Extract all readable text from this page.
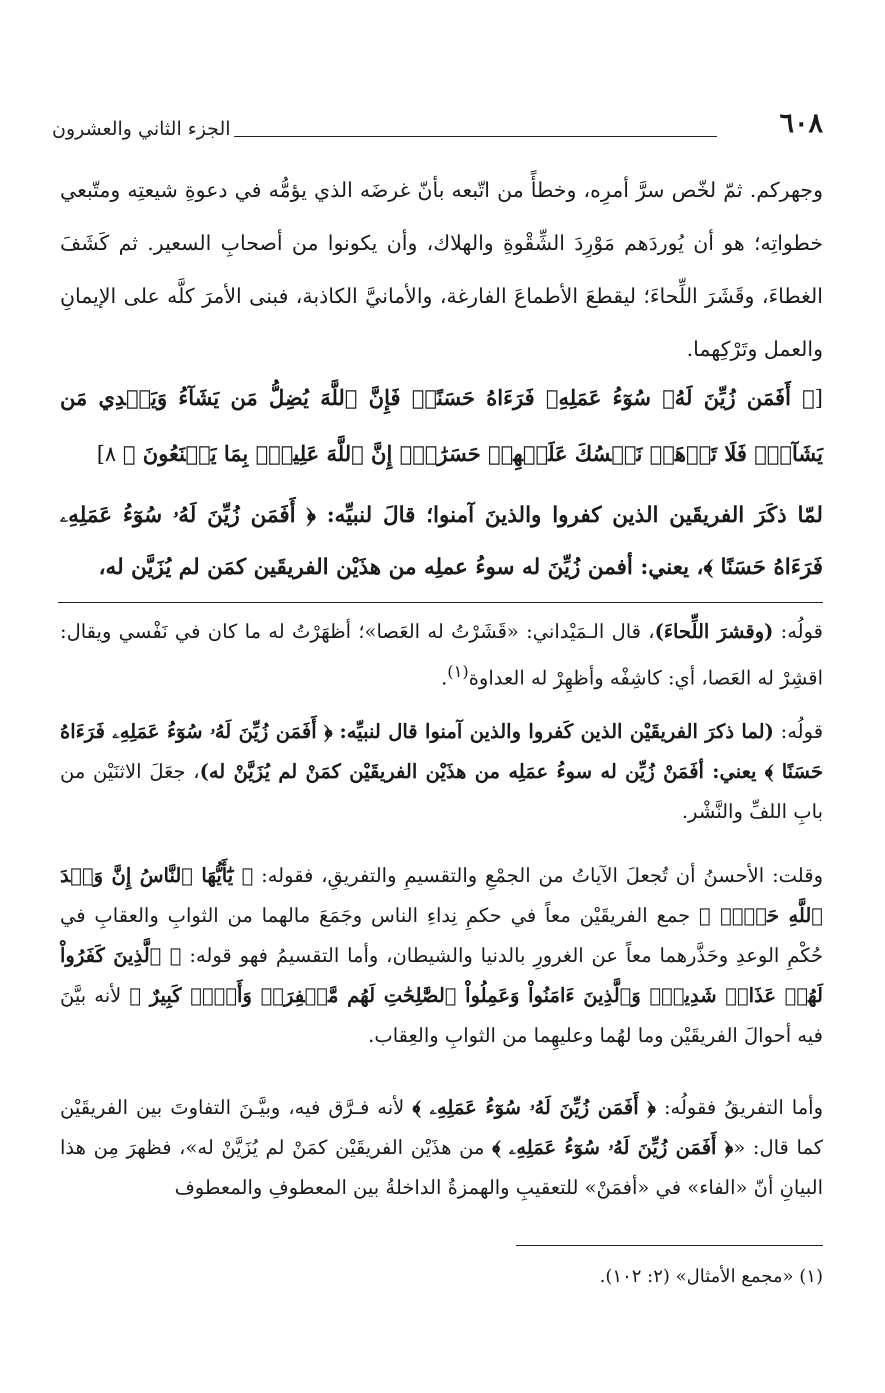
الجزء الثاني والعشرون	٦٠٨

وجهركم. ثمّ لخّص سرَّ أمرِه، وخطأً من اتّبعه بأنّ غرضَه الذي يؤمُّه في دعوةِ شيعتِه ومتّبعي خطواتِه؛ هو أن يُوردَهم مَوْرِدَ الشِّقْوةِ والهلاك، وأن يكونوا من أصحابِ السعير. ثم كَشَفَ الغطاءَ، وقَشَرَ اللِّحاءَ؛ ليقطعَ الأطماعَ الفارغة، والأمانيَّ الكاذبة، فبنى الأمرَ كلَّه على الإيمانِ والعمل وتَرْكِهما.

[﴿ أَفَمَن زُيِّنَ لَهُۥ سُوٓءُ عَمَلِهِۦ فَرَءَاهُ حَسَنًاۖ فَإِنَّ ٱللَّهَ يُضِلُّ مَن يَشَآءُ وَيَهۡدِي مَن يَشَآءُۖ فَلَا تَذۡهَبۡ نَفۡسُكَ عَلَيۡهِمۡ حَسَرَٰتٍۚ إِنَّ ٱللَّهَ عَلِيمُۢ بِمَا يَصۡنَعُونَ ﴾ ٨]

لمّا ذكَرَ الفريقَين الذين كفروا والذينَ آمنوا؛ قالَ لنبيِّه: ﴿ أَفَمَن زُيِّنَ لَهُۥ سُوٓءُ عَمَلِهِۦ فَرَءَاهُ حَسَنًا ﴾، يعني: أفمن زُيِّنَ له سوءُ عملِه من هذَيْن الفريقَين كمَن لم يُزَيَّن له،

قولُه: (وقشرَ اللِّحاءَ)، قال الـمَيْداني: «قَشَرْتُ له العَصا»؛ أظهَرْتُ له ما كان في نَفْسي ويقال: اقشِرْ له العَصا، أي: كاشِفْه وأظهِرْ له العداوة$^{(١)}$.

قولُه: (لما ذكرَ الفريقَيْن الذين كَفروا والذين آمنوا قال لنبيِّه: ﴿ أَفَمَن زُيِّنَ لَهُۥ سُوٓءُ عَمَلِهِۦ فَرَءَاهُ حَسَنًا ﴾ يعني: أفَمَنْ زُيِّن له سوءُ عمَلِه من هذَيْن الفريقَيْن كمَنْ لم يُزَيَّنْ له)، جعَلَ الاثنَيْن من بابِ اللفِّ والنَّشْر.

وقلت: الأحسنُ أن تُجعلَ الآياتُ من الجمْعِ والتقسيمِ والتفريقِ، فقوله: ﴿ يَٰٓأَيُّهَا ٱلنَّاسُ إِنَّ وَعۡدَ ٱللَّهِ حَقّٞۖ ﴾ جمع الفريقَيْن معاً في حكمِ نِداءِ الناس وجَمَعَ مالهما من الثوابِ والعقابِ في حُكْمِ الوعدِ وحَذَّرهما معاً عن الغرورِ بالدنيا والشيطان، وأما التقسيمُ فهو قوله: ﴿ ٱلَّذِينَ كَفَرُواْ لَهُمۡ عَذَابٞ شَدِيدٞۖ وَٱلَّذِينَ ءَامَنُواْ وَعَمِلُواْ ٱلصَّٰلِحَٰتِ لَهُم مَّغۡفِرَةٞ وَأَجۡرٞ كَبِيرٌ ﴾ لأنه بيَّنَ فيه أحوالَ الفريقَيْن وما لهُما وعليهِما من الثوابِ والعِقاب.

وأما التفريقُ فقولُه: ﴿ أَفَمَن زُيِّنَ لَهُۥ سُوٓءُ عَمَلِهِۦ ﴾ لأنه فـرَّق فيه، وبيَّـنَ التفاوتَ بين الفريقَيْن كما قال: «﴿ أَفَمَن زُيِّنَ لَهُۥ سُوٓءُ عَمَلِهِۦ ﴾ من هذَيْن الفريقَيْن كمَنْ لم يُزَيَّنْ له»، فظهرَ مِن هذا البيانِ أنّ «الفاء» في «أفمَنْ» للتعقيبِ والهمزةُ الداخلةُ بين المعطوفِ والمعطوف

(١) «مجمع الأمثال» (٢: ١٠٢).
